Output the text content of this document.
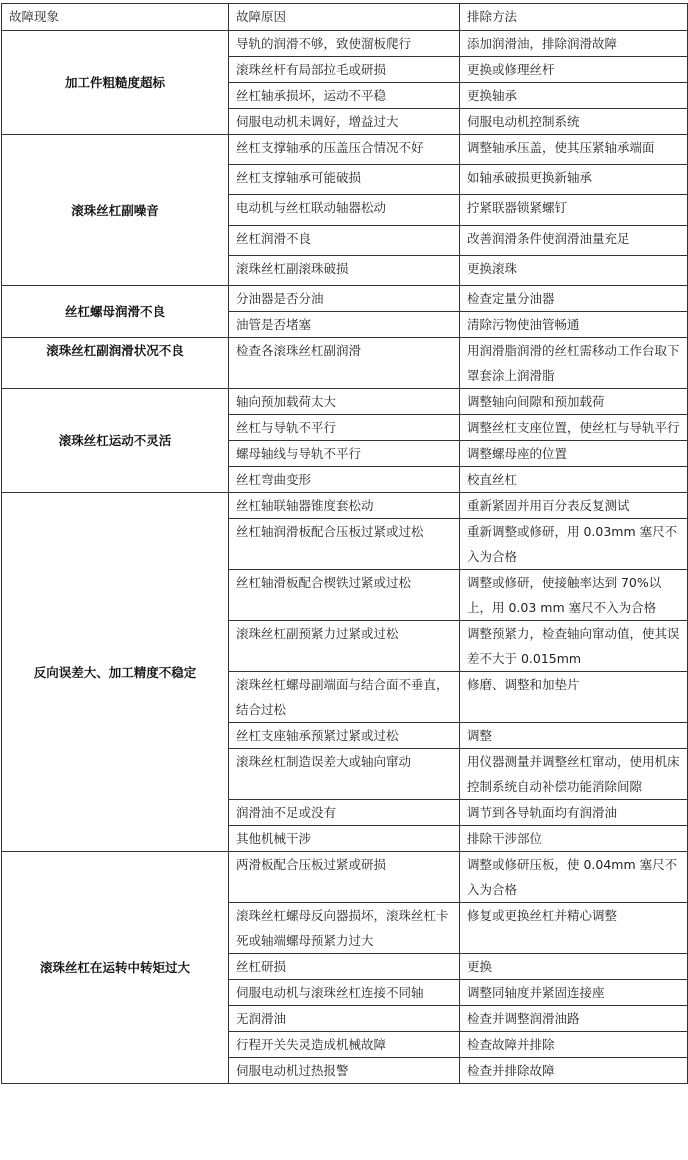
故障现象	故障原因	排除方法
加工件粗糙度超标	导轨的润滑不够，致使溜板爬行	添加润滑油，排除润滑故障
	滚珠丝杆有局部拉毛或研损	更换或修理丝杆
	丝杠轴承损坏，运动不平稳	更换轴承
	伺服电动机未调好，增益过大	伺服电动机控制系统
滚珠丝杠副噪音	丝杠支撑轴承的压盖压合情况不好	调整轴承压盖，使其压紧轴承端面
	丝杠支撑轴承可能破损	如轴承破损更换新轴承
	电动机与丝杠联动轴器松动	拧紧联器锁紧螺钉
	丝杠润滑不良	改善润滑条件使润滑油量充足
	滚珠丝杠副滚珠破损	更换滚珠
丝杠螺母润滑不良	分油器是否分油	检查定量分油器
	油管是否堵塞	清除污物使油管畅通
滚珠丝杠副润滑状况不良	检查各滚珠丝杠副润滑	用润滑脂润滑的丝杠需移动工作台取下罩套涂上润滑脂
滚珠丝杠运动不灵活	轴向预加载荷太大	调整轴向间隙和预加载荷
	丝杠与导轨不平行	调整丝杠支座位置，使丝杠与导轨平行
	螺母轴线与导轨不平行	调整螺母座的位置
	丝杠弯曲变形	校直丝杠
反向误差大、加工精度不稳定	丝杠轴联轴器锥度套松动	重新紧固并用百分表反复测试
	丝杠轴润滑板配合压板过紧或过松	重新调整或修研，用 0.03mm 塞尺不入为合格
	丝杠轴滑板配合楔铁过紧或过松	调整或修研，使接触率达到 70%以上，用 0.03 mm 塞尺不入为合格
	滚珠丝杠副预紧力过紧或过松	调整预紧力，检查轴向窜动值，使其误差不大于 0.015mm
	滚珠丝杠螺母副端面与结合面不垂直，结合过松	修磨、调整和加垫片
	丝杠支座轴承预紧过紧或过松	调整
	滚珠丝杠制造误差大或轴向窜动	用仪器测量并调整丝杠窜动，使用机床控制系统自动补偿功能消除间隙
	润滑油不足或没有	调节到各导轨面均有润滑油
	其他机械干涉	排除干涉部位
滚珠丝杠在运转中转矩过大	两滑板配合压板过紧或研损	调整或修研压板，使 0.04mm 塞尺不入为合格
	滚珠丝杠螺母反向器损坏，滚珠丝杠卡死或轴端螺母预紧力过大	修复或更换丝杠并精心调整
	丝杠研损	更换
	伺服电动机与滚珠丝杠连接不同轴	调整同轴度并紧固连接座
	无润滑油	检查并调整润滑油路
	行程开关失灵造成机械故障	检查故障并排除
	伺服电动机过热报警	检查并排除故障
